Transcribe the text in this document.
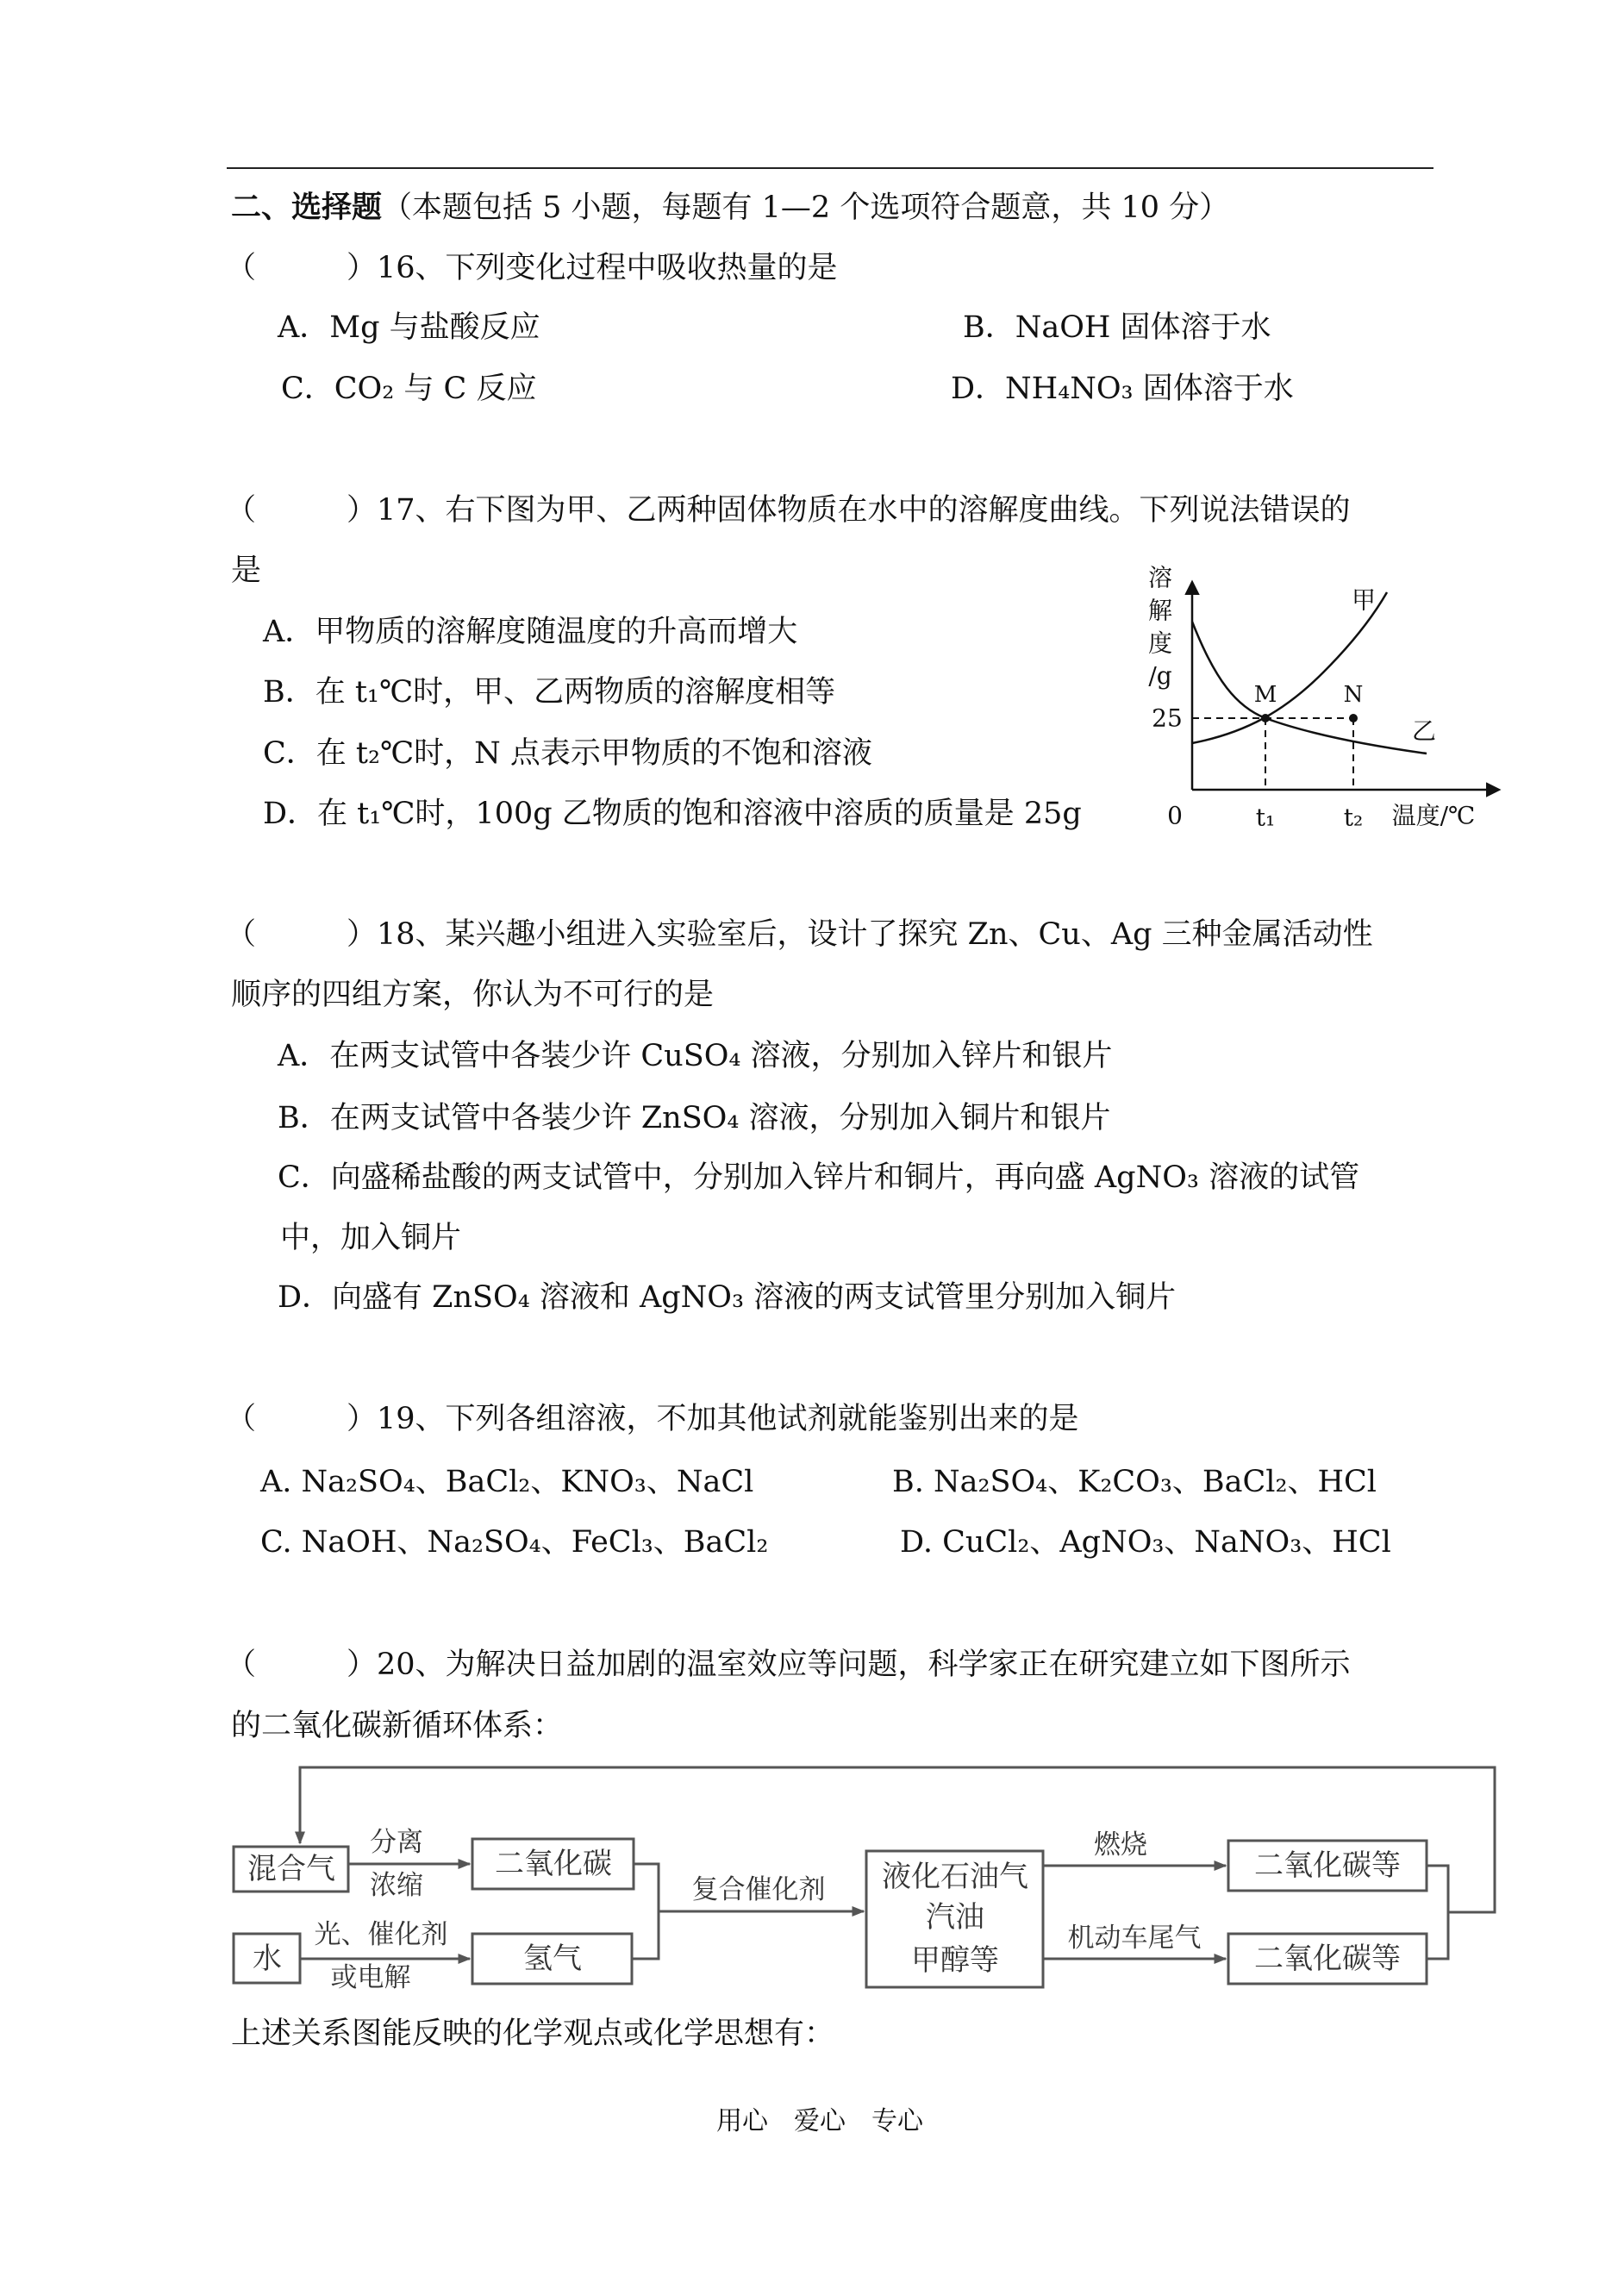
二、选择题（本题包括 5 小题，每题有 1—2 个选项符合题意，共 10 分）
（　　　）16、下列变化过程中吸收热量的是
A．Mg 与盐酸反应	B．NaOH 固体溶于水
C．CO₂ 与 C 反应	D．NH₄NO₃ 固体溶于水
（　　　）17、右下图为甲、乙两种固体物质在水中的溶解度曲线。下列说法错误的
是
A．甲物质的溶解度随温度的升高而增大
B．在 t₁℃时，甲、乙两物质的溶解度相等
C．在 t₂℃时，N 点表示甲物质的不饱和溶液
D．在 t₁℃时，100g 乙物质的饱和溶液中溶质的质量是 25g
溶
解
度
/g
甲
乙
M	N
25
0	t₁	t₂ 温度/℃
（　　　）18、某兴趣小组进入实验室后，设计了探究 Zn、Cu、Ag 三种金属活动性
顺序的四组方案，你认为不可行的是
A．在两支试管中各装少许 CuSO₄ 溶液，分别加入锌片和银片
B．在两支试管中各装少许 ZnSO₄ 溶液，分别加入铜片和银片
C．向盛稀盐酸的两支试管中，分别加入锌片和铜片，再向盛 AgNO₃ 溶液的试管
中，加入铜片
D．向盛有 ZnSO₄ 溶液和 AgNO₃ 溶液的两支试管里分别加入铜片
（　　　）19、下列各组溶液，不加其他试剂就能鉴别出来的是
A. Na₂SO₄、BaCl₂、KNO₃、NaCl	B. Na₂SO₄、K₂CO₃、BaCl₂、HCl
C. NaOH、Na₂SO₄、FeCl₃、BaCl₂	D. CuCl₂、AgNO₃、NaNO₃、HCl
（　　　）20、为解决日益加剧的温室效应等问题，科学家正在研究建立如下图所示
的二氧化碳新循环体系：
混合气
水
二氧化碳
氢气
液化石油气
汽油
甲醇等
二氧化碳等
二氧化碳等
分离
浓缩
光、催化剂
或电解
复合催化剂
燃烧
机动车尾气
上述关系图能反映的化学观点或化学思想有：
用心　爱心　专心
